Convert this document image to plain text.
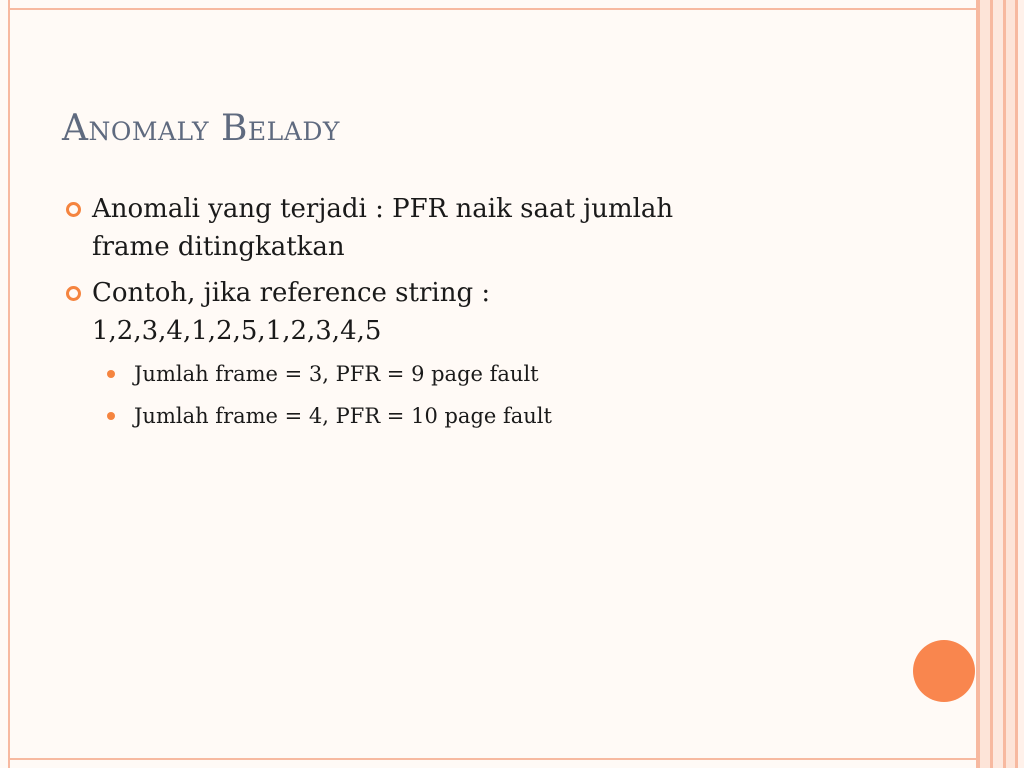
Anomaly Belady
Anomali yang terjadi : PFR naik saat jumlah
frame ditingkatkan
Contoh, jika reference string :
1,2,3,4,1,2,5,1,2,3,4,5
Jumlah frame = 3, PFR = 9 page fault
Jumlah frame = 4, PFR = 10 page fault
